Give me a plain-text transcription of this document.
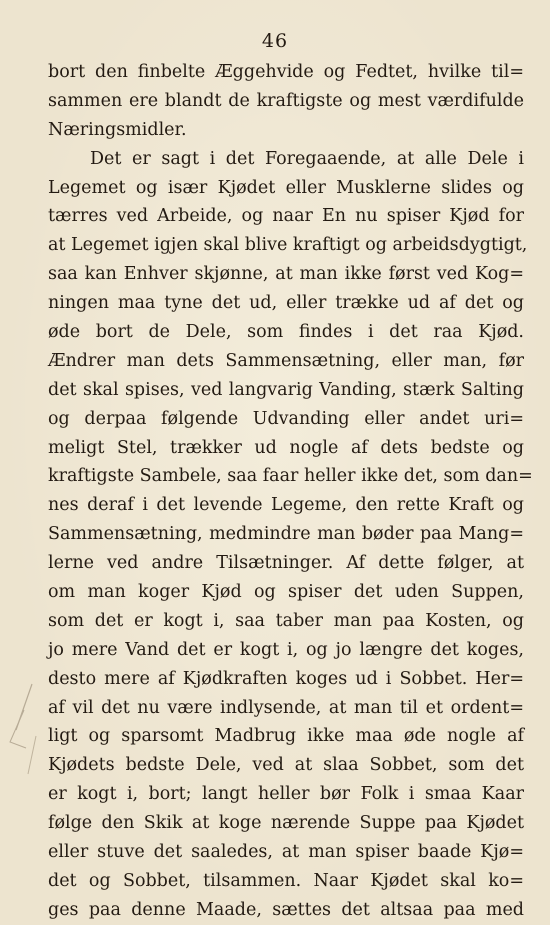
46
bort den finbelte Æggehvide og Fedtet, hvilke til=
sammen ere blandt de kraftigste og mest værdifulde
Næringsmidler.
Det er sagt i det Foregaaende, at alle Dele i
Legemet og især Kjødet eller Musklerne slides og
tærres ved Arbeide, og naar En nu spiser Kjød for
at Legemet igjen skal blive kraftigt og arbeidsdygtigt,
saa kan Enhver skjønne, at man ikke først ved Kog=
ningen maa tyne det ud, eller trække ud af det og
øde bort de Dele, som findes i det raa Kjød.
Ændrer man dets Sammensætning, eller man, før
det skal spises, ved langvarig Vanding, stærk Salting
og derpaa følgende Udvanding eller andet uri=
meligt Stel, trækker ud nogle af dets bedste og
kraftigste Sambele, saa faar heller ikke det, som dan=
nes deraf i det levende Legeme, den rette Kraft og
Sammensætning, medmindre man bøder paa Mang=
lerne ved andre Tilsætninger. Af dette følger, at
om man koger Kjød og spiser det uden Suppen,
som det er kogt i, saa taber man paa Kosten, og
jo mere Vand det er kogt i, og jo længre det koges,
desto mere af Kjødkraften koges ud i Sobbet. Her=
af vil det nu være indlysende, at man til et ordent=
ligt og sparsomt Madbrug ikke maa øde nogle af
Kjødets bedste Dele, ved at slaa Sobbet, som det
er kogt i, bort; langt heller bør Folk i smaa Kaar
følge den Skik at koge nærende Suppe paa Kjødet
eller stuve det saaledes, at man spiser baade Kjø=
det og Sobbet, tilsammen. Naar Kjødet skal ko=
ges paa denne Maade, sættes det altsaa paa med
